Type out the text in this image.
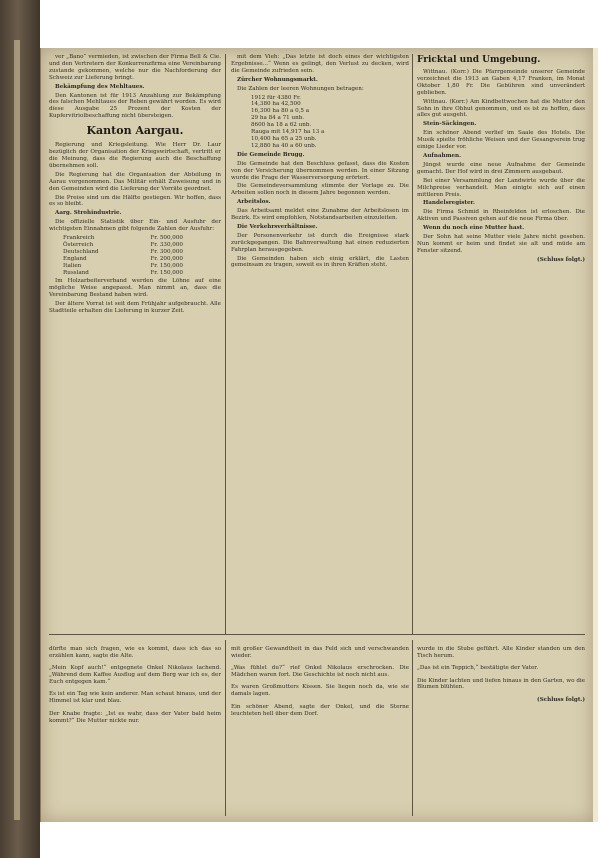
ver „Bano“ vermieden, ist zwischen der Firma Bell & Cie. und den Vertretern der Konkurrenzfirma eine Vereinbarung zustande gekommen, welche nur die Nachforderung der Schweiz zur Lieferung bringt.

Bekämpfung des Mehltaues.

Den Kantonen ist für 1913 Anzahlung zur Bekämpfung des falschen Mehltaues der Reben gewährt worden. Es wird diese Ausgabe 25 Prozent der Kosten der Kupfervitriolbeschaffung nicht übersteigen.

Kanton Aargau.

Regierung und Kriegsleitung. Wie Herr Dr. Laur bezüglich der Organisation der Kriegswirtschaft, vertritt er die Meinung, dass die Regierung auch die Beschaffung übernehmen soll.

Die Regierung hat die Organisation der Abteilung in Aarau vorgenommen. Das Militär erhält Zuweisung und in den Gemeinden wird die Lieferung der Vorräte geordnet.

Die Preise sind um die Hälfte gestiegen. Wir hoffen, dass es so bleibt.

Aarg. Strohindustrie.

Die offizielle Statistik über Ein- und Ausfuhr der wichtigsten Einnahmen gibt folgende Zahlen der Ausfuhr:

Frankreich	Fr. 500,000
Österreich	Fr. 330,000
Deutschland	Fr. 300,000
England	Fr. 200,000
Italien	Fr. 150,000
Russland	Fr. 150,000

Im Holzarbeiterverband werden die Löhne auf eine mögliche Weise angepasst. Man nimmt an, dass die Vereinbarung Bestand haben wird.

Der ältere Vorrat ist seit dem Frühjahr aufgebraucht. Alle Stadtteile erhalten die Lieferung in kurzer Zeit.

mit dem Vieh: „Das letzte ist doch eines der wichtigsten Ergebnisse...“ Wenn es gelingt, den Verlust zu decken, wird die Gemeinde zufrieden sein.

Zürcher Wohnungsmarkt.

Die Zahlen der leeren Wohnungen betragen:

1912 für 4380 Fr.
14,380 ha 42,500
16,300 ha 80 a 0,5 a
29 ha 84 a 71 unb.
8600 ha 18 a 62 unb.
Rauga mit 14,917 ha 13 a
10,400 ha 65 a 25 unb.
12,880 ha 40 a 60 unb.

Die Gemeinde Brugg.

Die Gemeinde hat den Beschluss gefasst, dass die Kosten von der Versicherung übernommen werden. In einer Sitzung wurde die Frage der Wasserversorgung erörtert.

Die Gemeindeversammlung stimmte der Vorlage zu. Die Arbeiten sollen noch in diesem Jahre begonnen werden.

Arbeitslos.

Das Arbeitsamt meldet eine Zunahme der Arbeitslosen im Bezirk. Es wird empfohlen, Notstandsarbeiten einzuleiten.

Die Verkehrsverhältnisse.

Der Personenverkehr ist durch die Ereignisse stark zurückgegangen. Die Bahnverwaltung hat einen reduzierten Fahrplan herausgegeben.

Die Gemeinden haben sich einig erklärt, die Lasten gemeinsam zu tragen, soweit es in ihren Kräften steht.

Fricktal und Umgebung.

Wittnau. (Korr.) Die Pfarrgemeinde unserer Gemeinde verzeichnet die 1913 an Gaben 4,17 Franken, im Monat Oktober 1,80 Fr. Die Gebühren sind unverändert geblieben.

Wittnau. (Korr.) Am Kindbettwochen hat die Mutter den Sohn in ihre Obhut genommen, und es ist zu hoffen, dass alles gut ausgeht.

Stein-Säckingen.

Ein schöner Abend verlief im Saale des Hotels. Die Musik spielte fröhliche Weisen und der Gesangverein trug einige Lieder vor.

Aufnahmen.

Jüngst wurde eine neue Aufnahme der Gemeinde gemacht. Der Hof wird in drei Zimmern ausgebaut.

Bei einer Versammlung der Landwirte wurde über die Milchpreise verhandelt. Man einigte sich auf einen mittleren Preis.

Handelsregister.

Die Firma Schmid in Rheinfelden ist erloschen. Die Aktiven und Passiven gehen auf die neue Firma über.

Wenn du noch eine Mutter hast.

Der Sohn hat seine Mutter viele Jahre nicht gesehen. Nun kommt er heim und findet sie alt und müde am Fenster sitzend.

(Schluss folgt.)

dürfte man sich fragen, wie es kommt, dass ich das so erzählen kann, sagte die Alte.

„Mein Kopf auch!“ entgegnete Onkel Nikolaus lachend. „Während dem Kaffee Ausflug auf dem Berg war ich es, der Euch entgegen kam.“

Es ist ein Tag wie kein anderer. Man schaut hinaus, und der Himmel ist klar und blau.

Der Knabe fragte: „Ist es wahr, dass der Vater bald heim kommt?“ Die Mutter nickte nur.

mit großer Gewandtheit in das Feld sich und verschwanden wieder.

„Was fühlst du?“ rief Onkel Nikolaus erschrocken. Die Mädchen waren fort. Die Geschichte ist noch nicht aus.

Es waren Großmutters Kissen. Sie liegen noch da, wie sie damals lagen.

Ein schöner Abend, sagte der Onkel, und die Sterne leuchteten hell über dem Dorf.

wurde in die Stube geführt. Alle Kinder standen um den Tisch herum.

„Das ist ein Teppich,“ bestätigte der Vater.

Die Kinder lachten und liefen hinaus in den Garten, wo die Blumen blühten.

(Schluss folgt.)
